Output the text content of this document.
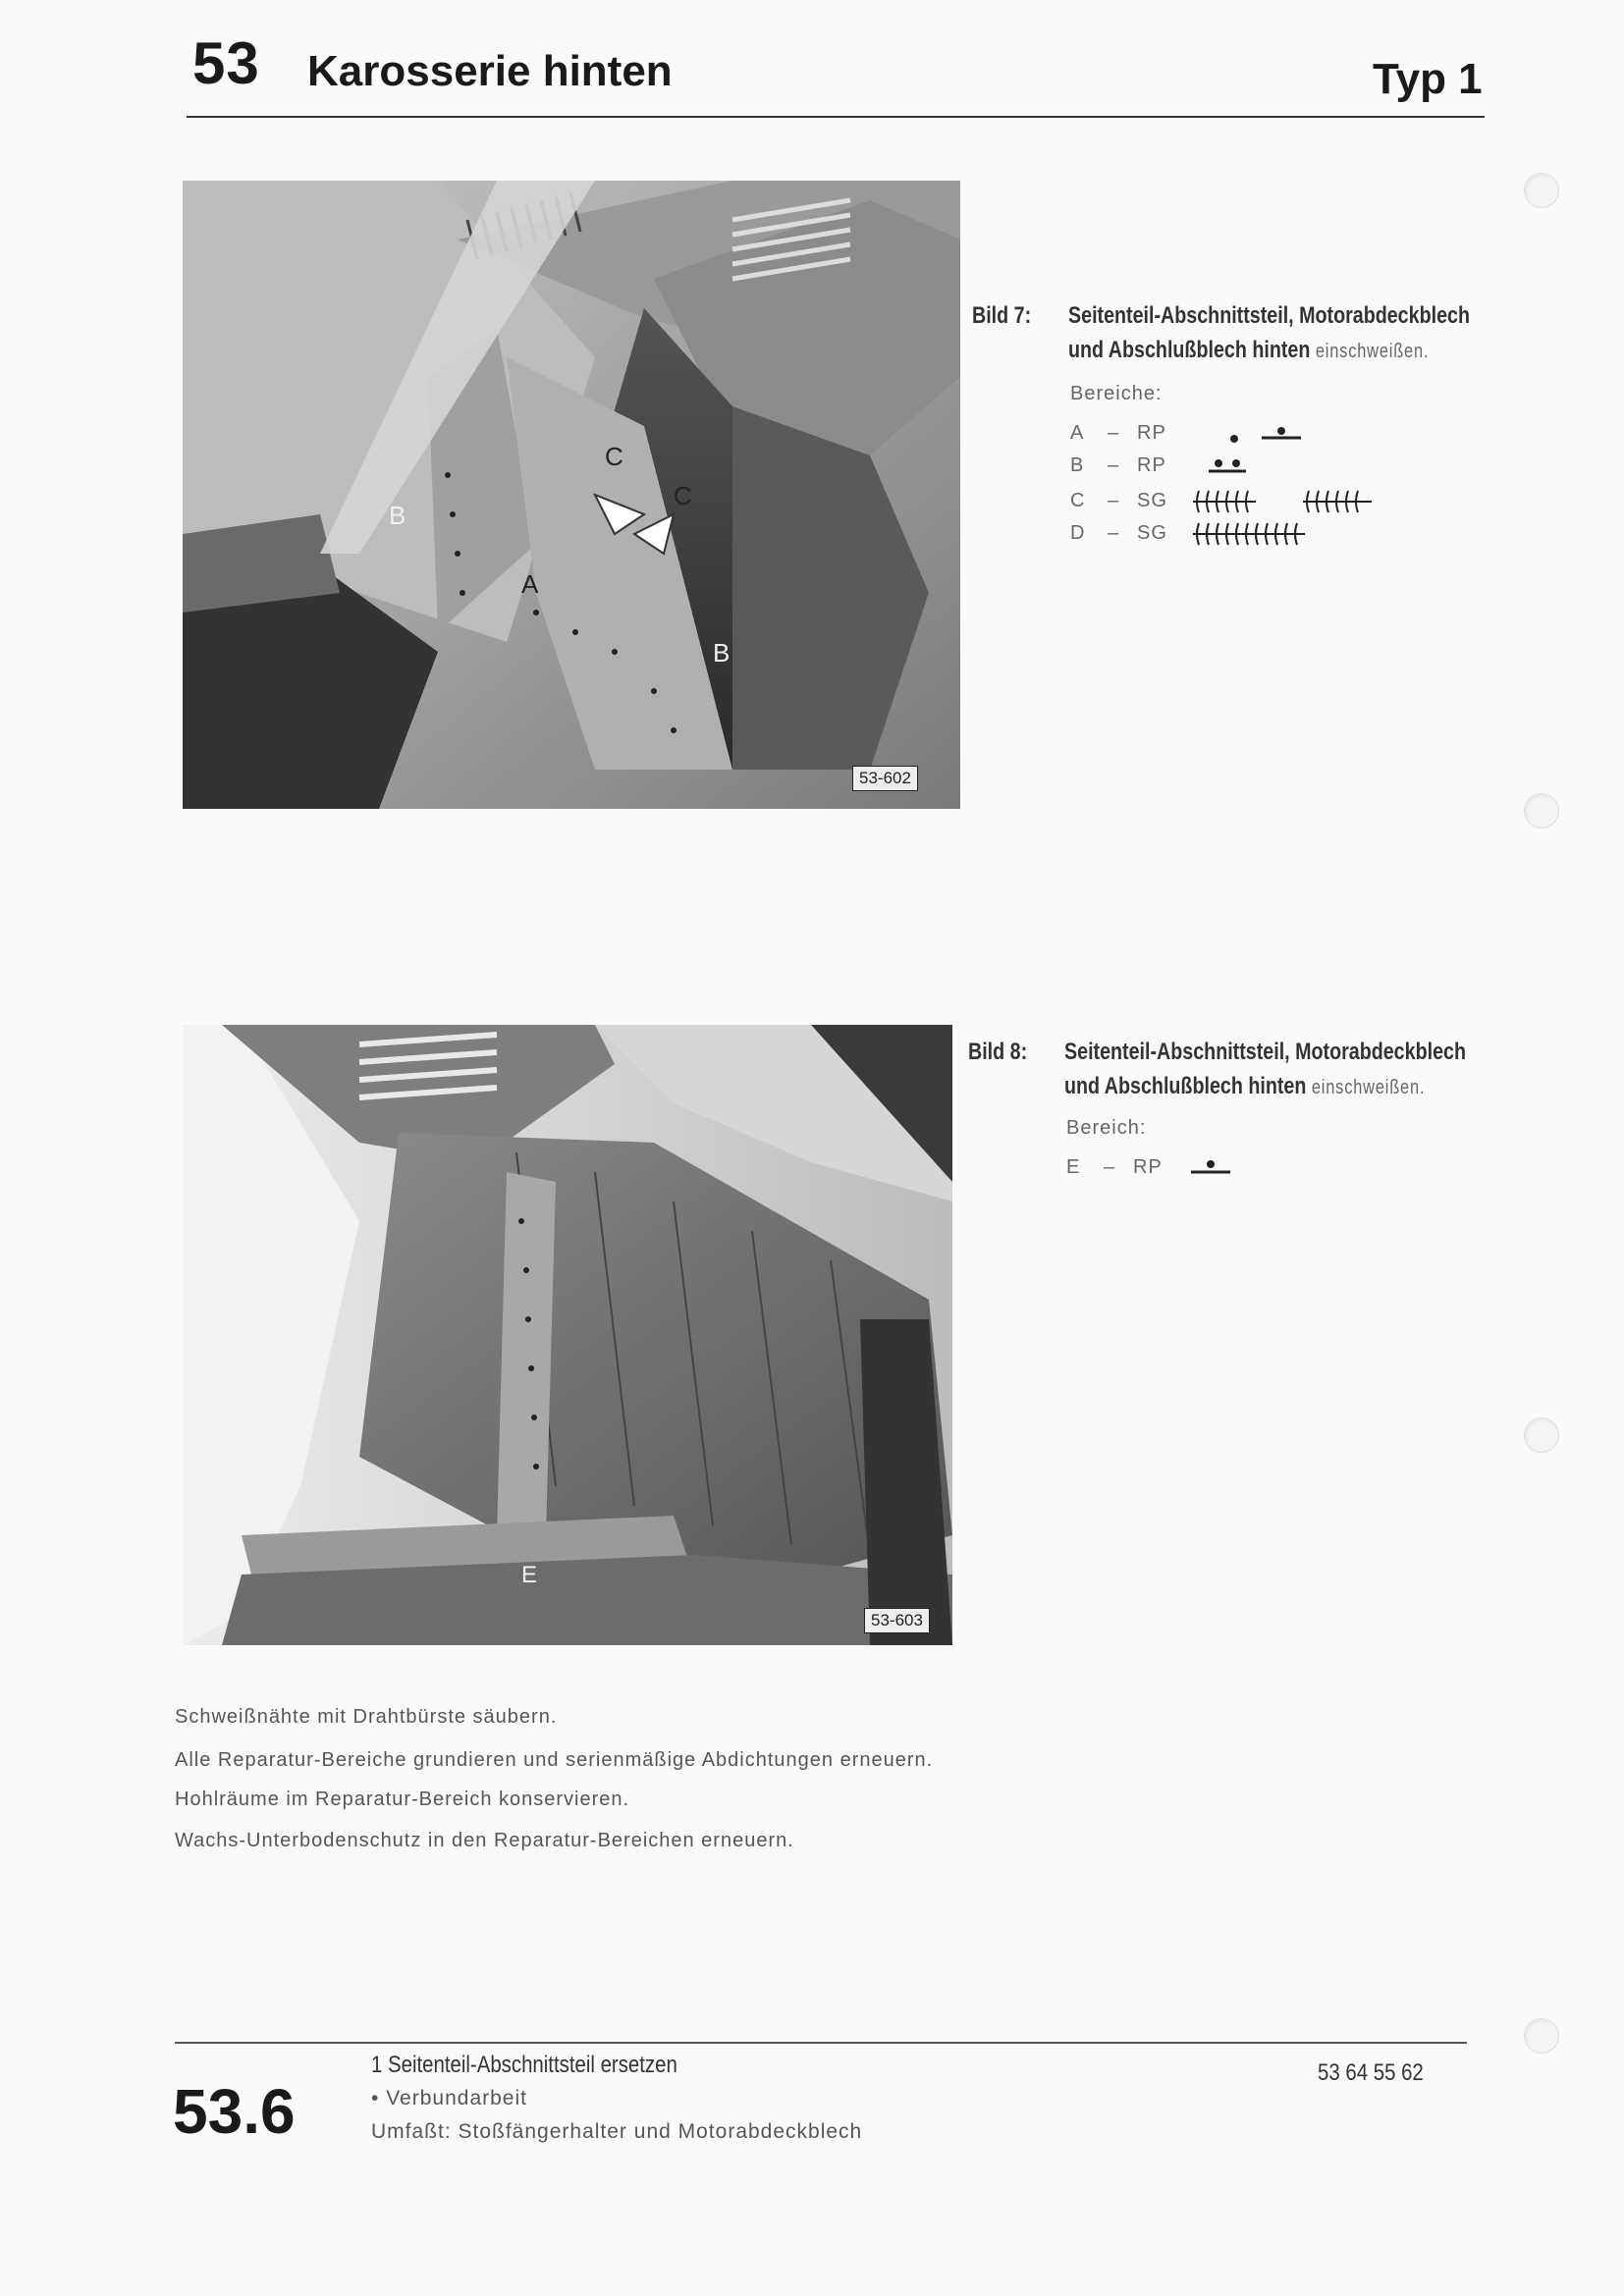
53 Karosserie hinten	Typ 1
B
A
C
C
B
53-602
Bild 7: Seitenteil-Abschnittsteil, Motorabdeckblech
und Abschlußblech hinten einschweißen.
Bereiche:
A – RP
B – RP
C – SG
D – SG
E
53-603
Bild 8: Seitenteil-Abschnittsteil, Motorabdeckblech
und Abschlußblech hinten einschweißen.
Bereich:
E – RP
Schweißnähte mit Drahtbürste säubern.
Alle Reparatur-Bereiche grundieren und serienmäßige Abdichtungen erneuern.
Hohlräume im Reparatur-Bereich konservieren.
Wachs-Unterbodenschutz in den Reparatur-Bereichen erneuern.
53.6
1 Seitenteil-Abschnittsteil ersetzen
• Verbundarbeit
Umfaßt: Stoßfängerhalter und Motorabdeckblech
53 64 55 62
